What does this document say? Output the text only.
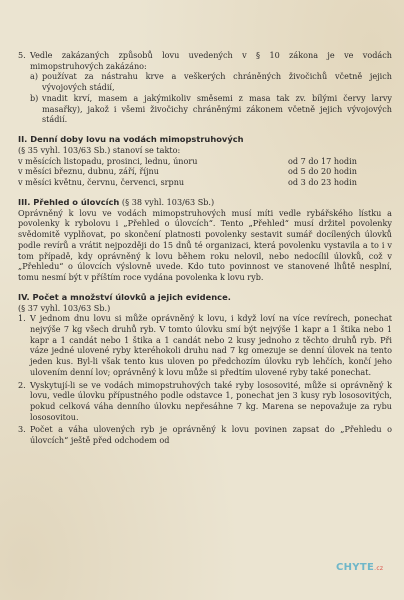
5. Vedle zakázaných způsobů lovu uvedených v § 10 zákona je ve vodách mimopstruhových zakázáno:

a) používat za nástrahu krve a veškerých chráněných živočichů včetně jejich vývojových stádií,

b) vnadit krví, masem a jakýmikoliv směsemi z masa tak zv. bílými červy larvy masařky), jakož i všemi živočichy chráněnými zákonem včetně jejich vývojových stádií.

II. Denní doby lovu na vodách mimopstruhových

(§ 35 vyhl. 103/63 Sb.) stanoví se takto:

v měsících listopadu, prosinci, lednu, únoru	od 7 do 17 hodin
v měsíci březnu, dubnu, září, říjnu	od 5 do 20 hodin
v měsíci květnu, červnu, červenci, srpnu	od 3 do 23 hodin

III. Přehled o úlovcích (§ 38 vyhl. 103/63 Sb.)

Oprávněný k lovu ve vodách mimopstruhových musí míti vedle rybářského lístku a povolenky k rybolovu i „Přehled o úlovcích“. Tento „Přehled“ musí držitel povolenky svědomitě vyplňovat, po skončení platnosti povolenky sestavit sumář docílených úlovků podle revírů a vrátit nejpozději do 15 dnů té organizaci, která povolenku vystavila a to i v tom případě, kdy oprávněný k lovu během roku nelovil, nebo nedocílil úlovků, což v „Přehledu“ o úlovcích výslovně uvede. Kdo tuto povinnost ve stanovené lhůtě nesplní, tomu nesmí být v příštím roce vydána povolenka k lovu ryb.

IV. Počet a množství úlovků a jejich evidence.

(§ 37 vyhl. 103/63 Sb.)

1. V jednom dnu lovu si může oprávněný k lovu, i když loví na více revírech, ponechat nejvýše 7 kg všech druhů ryb. V tomto úlovku smí být nejvýše 1 kapr a 1 štika nebo 1 kapr a 1 candát nebo 1 štika a 1 candát nebo 2 kusy jednoho z těchto druhů ryb. Při váze jedné ulovené ryby kteréhokoli druhu nad 7 kg omezuje se denní úlovek na tento jeden kus. Byl-li však tento kus uloven po předchozím úlovku ryb lehčích, končí jeho ulovením denní lov; oprávněný k lovu může si předtím ulovené ryby také ponechat.

2. Vyskytují-li se ve vodách mimopstruhových také ryby lososovité, může si oprávněný k lovu, vedle úlovku přípustného podle odstavce 1, ponechat jen 3 kusy ryb lososovitých, pokud celková váha denního úlovku nepřesáhne 7 kg. Marena se nepovažuje za rybu lososovitou.

3. Počet a váha ulovených ryb je oprávněný k lovu povinen zapsat do „Přehledu o úlovcích“ ještě před odchodem od

CHYTE.cz
